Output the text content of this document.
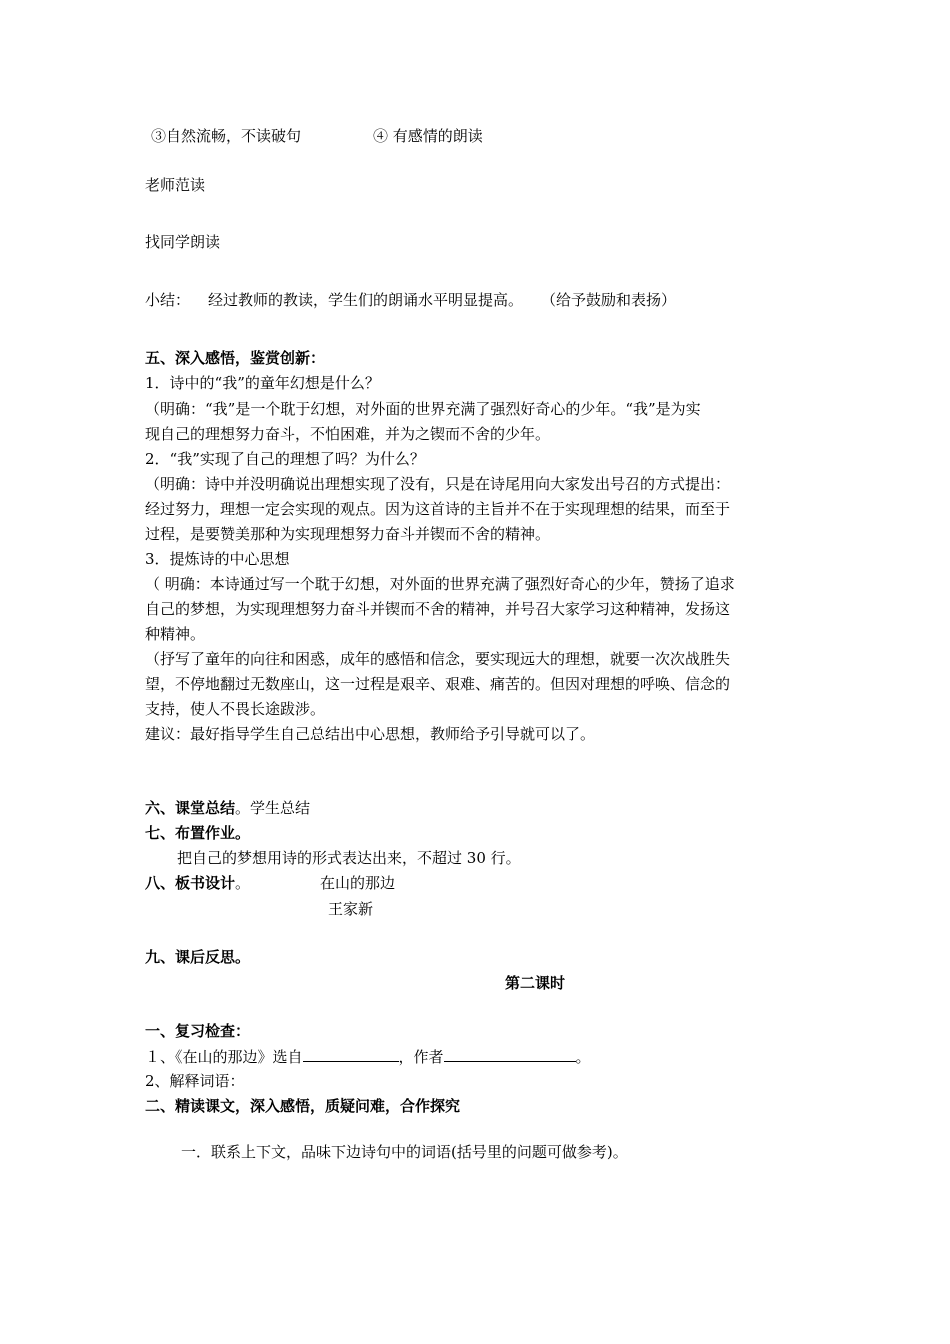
③自然流畅，不读破句	④ 有感情的朗读
老师范读
找同学朗读
小结： 经过教师的教读，学生们的朗诵水平明显提高。 （给予鼓励和表扬）
五、深入感悟，鉴赏创新：
1．诗中的“我”的童年幻想是什么？
（明确：“我”是一个耽于幻想，对外面的世界充满了强烈好奇心的少年。“我”是为实
现自己的理想努力奋斗，不怕困难，并为之锲而不舍的少年。
2．“我”实现了自己的理想了吗？为什么？
（明确：诗中并没明确说出理想实现了没有，只是在诗尾用向大家发出号召的方式提出：
经过努力，理想一定会实现的观点。因为这首诗的主旨并不在于实现理想的结果，而至于
过程，是要赞美那种为实现理想努力奋斗并锲而不舍的精神。
3．提炼诗的中心思想
（ 明确：本诗通过写一个耽于幻想，对外面的世界充满了强烈好奇心的少年，赞扬了追求
自己的梦想，为实现理想努力奋斗并锲而不舍的精神，并号召大家学习这种精神，发扬这
种精神。
（抒写了童年的向往和困惑，成年的感悟和信念，要实现远大的理想，就要一次次战胜失
望，不停地翻过无数座山，这一过程是艰辛、艰难、痛苦的。但因对理想的呼唤、信念的
支持，使人不畏长途跋涉。
建议：最好指导学生自己总结出中心思想，教师给予引导就可以了。
六、课堂总结。学生总结
七、布置作业。
把自己的梦想用诗的形式表达出来，不超过 30 行。
八、板书设计。	在山的那边
王家新
九、课后反思。
第二课时
一、复习检查：
１、《在山的那边》选自	，作者	。
2、解释词语：
二、精读课文，深入感悟，质疑问难，合作探究
一．联系上下文，品味下边诗句中的词语(括号里的问题可做参考)。
